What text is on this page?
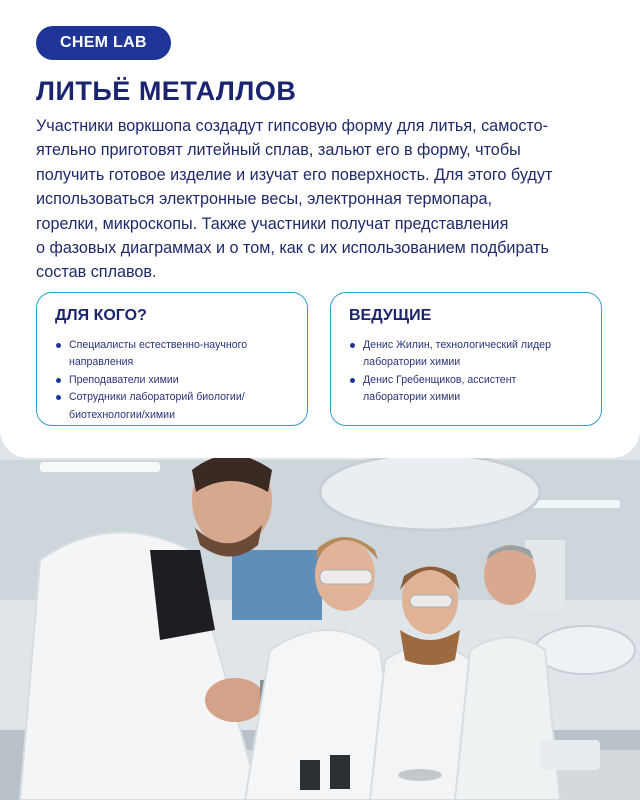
CHEM LAB
ЛИТЬЁ МЕТАЛЛОВ
Участники воркшопа создадут гипсовую форму для литья, самосто-
ятельно приготовят литейный сплав, зальют его в форму, чтобы
получить готовое изделие и изучат его поверхность. Для этого будут
использоваться электронные весы, электронная термопара,
горелки, микроскопы. Также участники получат представления
о фазовых диаграммах и о том, как с их использованием подбирать
состав сплавов.
ДЛЯ КОГО?
Специалисты естественно-научного
направления
Преподаватели химии
Сотрудники лабораторий биологии/
биотехнологии/химии
ВЕДУЩИЕ
Денис Жилин, технологический лидер
лаборатории химии
Денис Гребенщиков, ассистент
лаборатории химии
